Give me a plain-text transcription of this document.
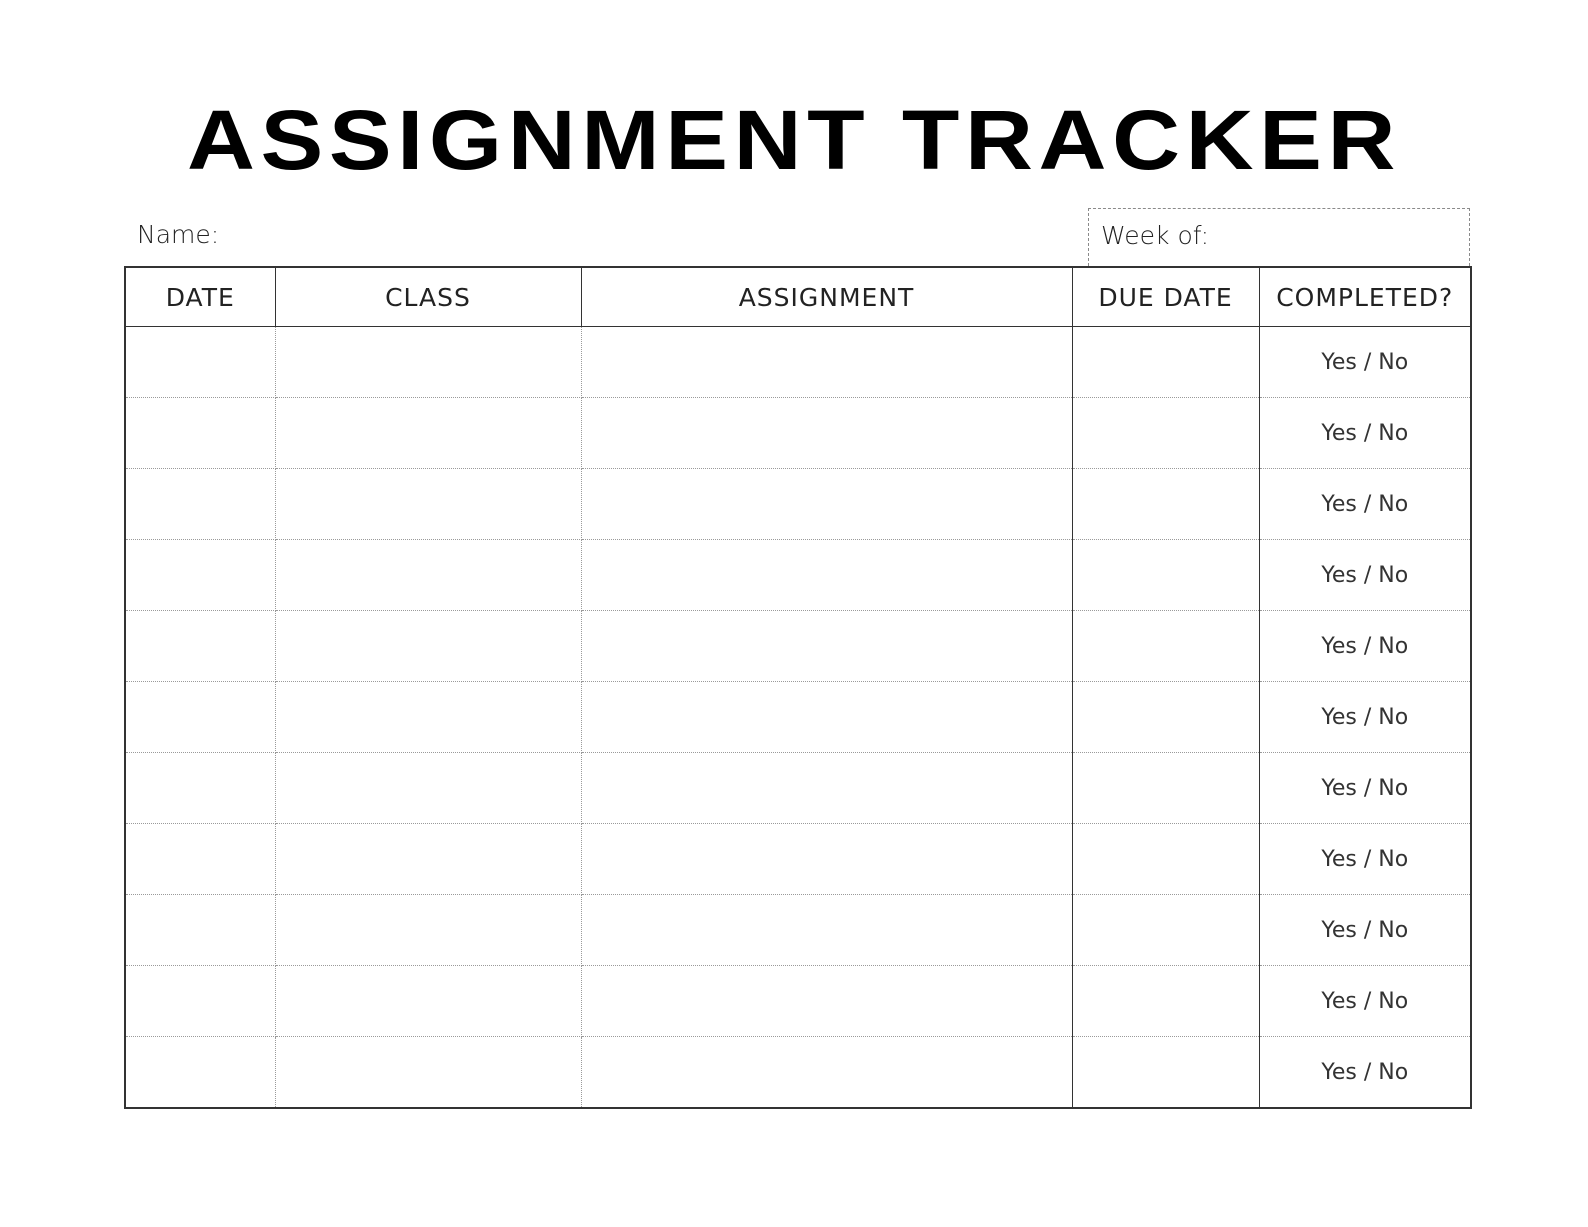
ASSIGNMENT TRACKER
Name:	Week of:
DATE	CLASS	ASSIGNMENT	DUE DATE	COMPLETED?
				Yes / No
				Yes / No
				Yes / No
				Yes / No
				Yes / No
				Yes / No
				Yes / No
				Yes / No
				Yes / No
				Yes / No
				Yes / No
